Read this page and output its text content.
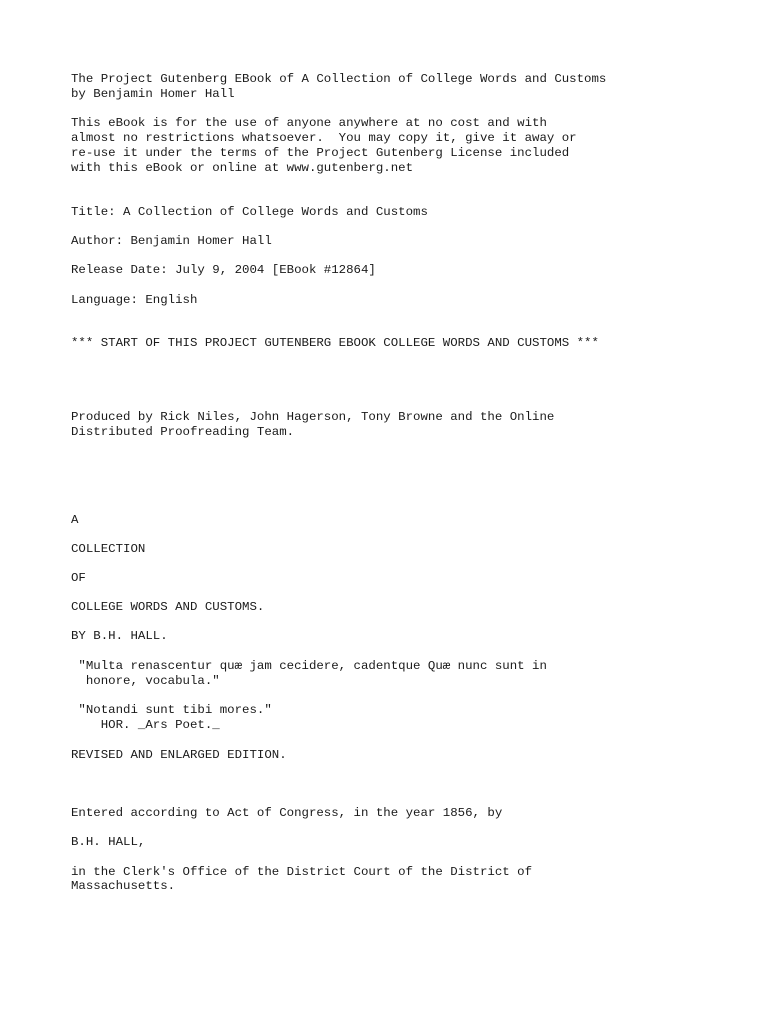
The Project Gutenberg EBook of A Collection of College Words and Customs
by Benjamin Homer Hall
This eBook is for the use of anyone anywhere at no cost and with
almost no restrictions whatsoever.  You may copy it, give it away or
re-use it under the terms of the Project Gutenberg License included
with this eBook or online at www.gutenberg.net
Title: A Collection of College Words and Customs
Author: Benjamin Homer Hall
Release Date: July 9, 2004 [EBook #12864]
Language: English
*** START OF THIS PROJECT GUTENBERG EBOOK COLLEGE WORDS AND CUSTOMS ***
Produced by Rick Niles, John Hagerson, Tony Browne and the Online
Distributed Proofreading Team.
A
COLLECTION
OF
COLLEGE WORDS AND CUSTOMS.
BY B.H. HALL.
"Multa renascentur quæ jam cecidere, cadentque Quæ nunc sunt in
honore, vocabula."
"Notandi sunt tibi mores."
HOR. _Ars Poet._
REVISED AND ENLARGED EDITION.
Entered according to Act of Congress, in the year 1856, by
B.H. HALL,
in the Clerk's Office of the District Court of the District of
Massachusetts.
